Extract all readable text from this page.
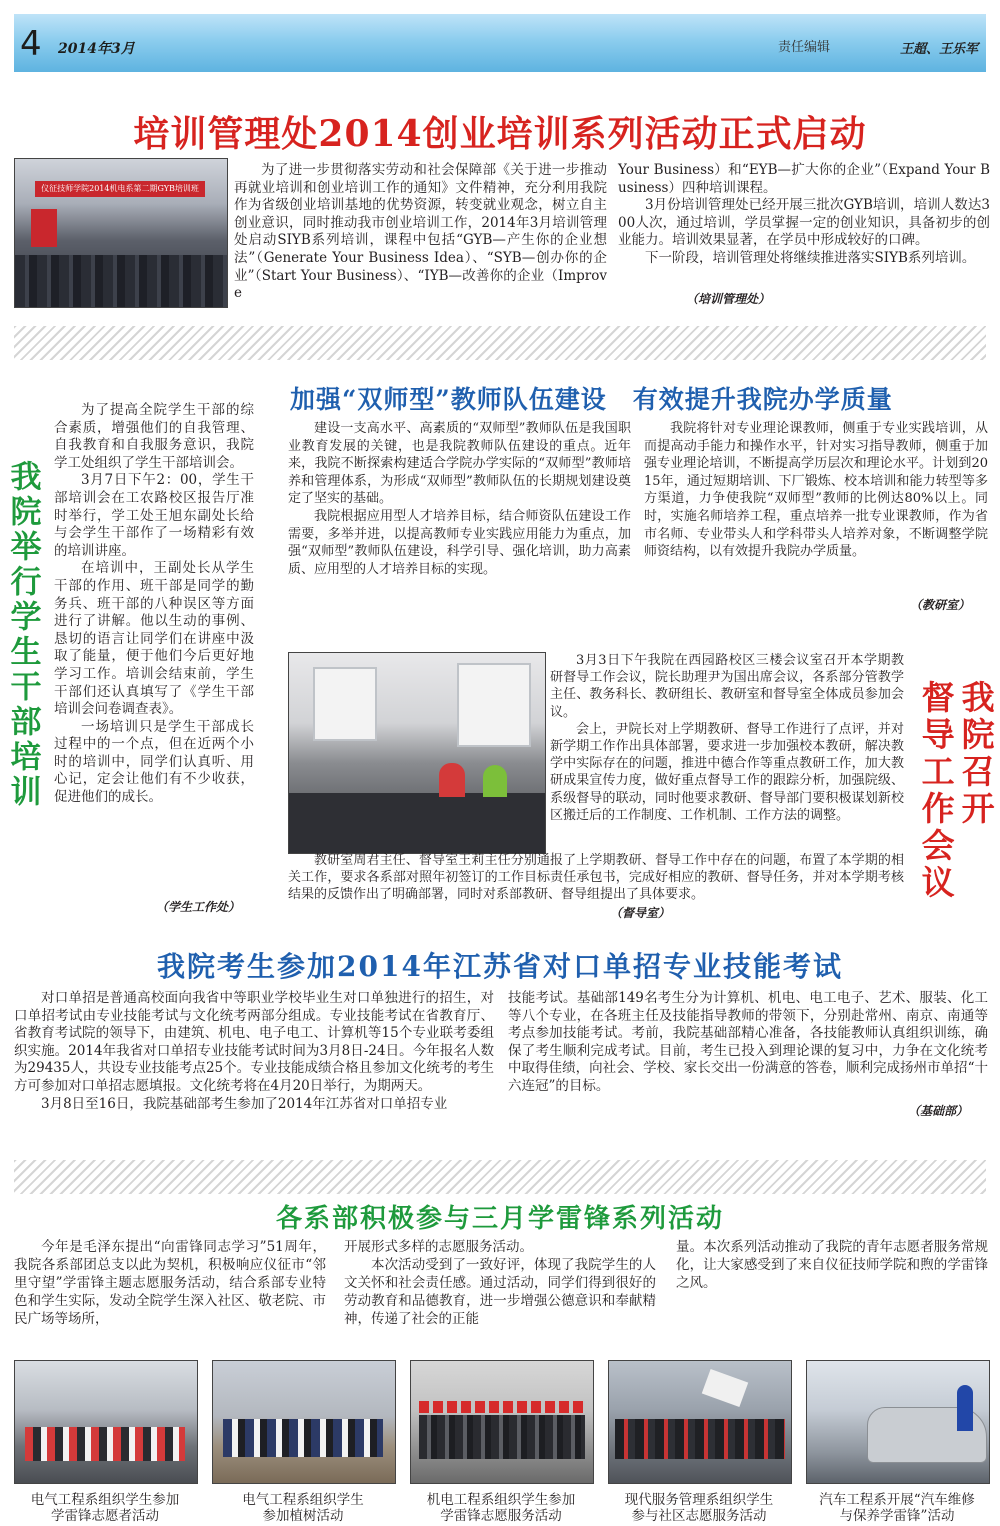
4 2014年3月	责任编辑	王超、王乐军
培训管理处2014创业培训系列活动正式启动
仪征技师学院2014机电系第二期GYB培训班

为了进一步贯彻落实劳动和社会保障部《关于进一步推动再就业培训和创业培训工作的通知》文件精神，充分利用我院作为省级创业培训基地的优势资源，转变就业观念，树立自主创业意识，同时推动我市创业培训工作，2014年3月培训管理处启动SIYB系列培训，课程中包括“GYB—产生你的企业想法”（Generate Your Business Idea）、“SYB—创办你的企业”（Start Your Business）、“IYB—改善你的企业（Improve

Your Business）和“EYB—扩大你的企业”（Expand Your Business）四种培训课程。

3月份培训管理处已经开展三批次GYB培训，培训人数达300人次，通过培训，学员掌握一定的创业知识，具备初步的创业能力。培训效果显著，在学员中形成较好的口碑。

下一阶段，培训管理处将继续推进落实SIYB系列培训。

（培训管理处）
我院举行学生干部培训

为了提高全院学生干部的综合素质，增强他们的自我管理、自我教育和自我服务意识，我院学工处组织了学生干部培训会。

3月7日下午2：00，学生干部培训会在工农路校区报告厅准时举行，学工处王旭东副处长给与会学生干部作了一场精彩有效的培训讲座。

在培训中，王副处长从学生干部的作用、班干部是同学的勤务兵、班干部的八种误区等方面进行了讲解。他以生动的事例、恳切的语言让同学们在讲座中汲取了能量，便于他们今后更好地学习工作。培训会结束前，学生干部们还认真填写了《学生干部培训会问卷调查表》。

一场培训只是学生干部成长过程中的一个点，但在近两个小时的培训中，同学们认真听、用心记，定会让他们有不少收获，促进他们的成长。

（学生工作处）
加强“双师型”教师队伍建设　有效提升我院办学质量

建设一支高水平、高素质的“双师型”教师队伍是我国职业教育发展的关键，也是我院教师队伍建设的重点。近年来，我院不断探索构建适合学院办学实际的“双师型”教师培养和管理体系，为形成“双师型”教师队伍的长期规划建设奠定了坚实的基础。

我院根据应用型人才培养目标，结合师资队伍建设工作需要，多举并进，以提高教师专业实践应用能力为重点，加强“双师型”教师队伍建设，科学引导、强化培训，助力高素质、应用型的人才培养目标的实现。

我院将针对专业理论课教师，侧重于专业实践培训，从而提高动手能力和操作水平，针对实习指导教师，侧重于加强专业理论培训，不断提高学历层次和理论水平。计划到2015年，通过短期培训、下厂锻炼、校本培训和能力转型等多方渠道，力争使我院“双师型”教师的比例达80%以上。同时，实施名师培养工程，重点培养一批专业课教师，作为省市名师、专业带头人和学科带头人培养对象，不断调整学院师资结构，以有效提升我院办学质量。

（教研室）

3月3日下午我院在西园路校区三楼会议室召开本学期教研督导工作会议，院长助理尹为国出席会议，各系部分管教学主任、教务科长、教研组长、教研室和督导室全体成员参加会议。

会上，尹院长对上学期教研、督导工作进行了点评，并对新学期工作作出具体部署，要求进一步加强校本教研，解决教学中实际存在的问题，推进中德合作等重点教研工作，加大教研成果宣传力度，做好重点督导工作的跟踪分析，加强院级、系级督导的联动，同时他要求教研、督导部门要积极谋划新校区搬迁后的工作制度、工作机制、工作方法的调整。

教研室周君主任、督导室王莉主任分别通报了上学期教研、督导工作中存在的问题，布置了本学期的相关工作，要求各系部对照年初签订的工作目标责任承包书，完成好相应的教研、督导任务，并对本学期考核结果的反馈作出了明确部署，同时对系部教研、督导组提出了具体要求。

（督导室）
我院召开
督导工作会议
我院考生参加2014年江苏省对口单招专业技能考试

对口单招是普通高校面向我省中等职业学校毕业生对口单独进行的招生，对口单招考试由专业技能考试与文化统考两部分组成。专业技能考试在省教育厅、省教育考试院的领导下，由建筑、机电、电子电工、计算机等15个专业联考委组织实施。2014年我省对口单招专业技能考试时间为3月8日-24日。今年报名人数为29435人，共设专业技能考点25个。专业技能成绩合格且参加文化统考的考生方可参加对口单招志愿填报。文化统考将在4月20日举行，为期两天。

3月8日至16日，我院基础部考生参加了2014年江苏省对口单招专业

技能考试。基础部149名考生分为计算机、机电、电工电子、艺术、服装、化工等八个专业，在各班主任及技能指导教师的带领下，分别赴常州、南京、南通等考点参加技能考试。考前，我院基础部精心准备，各技能教师认真组织训练，确保了考生顺利完成考试。目前，考生已投入到理论课的复习中，力争在文化统考中取得佳绩，向社会、学校、家长交出一份满意的答卷，顺利完成扬州市单招“十六连冠”的目标。

（基础部）
各系部积极参与三月学雷锋系列活动

今年是毛泽东提出“向雷锋同志学习”51周年，我院各系部团总支以此为契机，积极响应仪征市“邻里守望”学雷锋主题志愿服务活动，结合系部专业特色和学生实际，发动全院学生深入社区、敬老院、市民广场等场所，

开展形式多样的志愿服务活动。

本次活动受到了一致好评，体现了我院学生的人文关怀和社会责任感。通过活动，同学们得到很好的劳动教育和品德教育，进一步增强公德意识和奉献精神，传递了社会的正能

量。本次系列活动推动了我院的青年志愿者服务常规化，让大家感受到了来自仪征技师学院和煦的学雷锋之风。

电气工程系组织学生参加
学雷锋志愿者活动
电气工程系组织学生
参加植树活动
机电工程系组织学生参加
学雷锋志愿服务活动
现代服务管理系组织学生
参与社区志愿服务活动
汽车工程系开展“汽车维修
与保养学雷锋”活动
